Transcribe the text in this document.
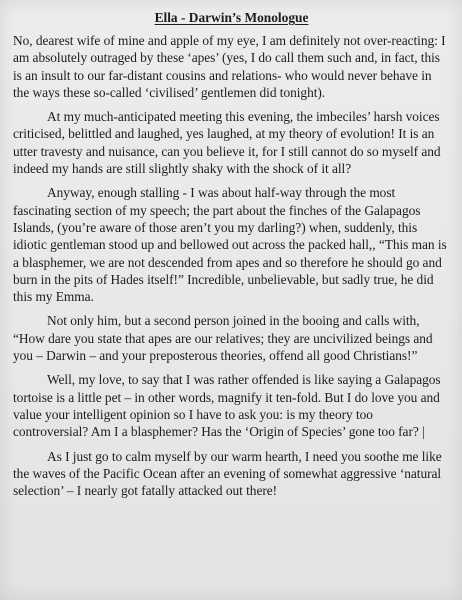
Ella - Darwin’s Monologue

No, dearest wife of mine and apple of my eye, I am definitely not over-reacting: I am absolutely outraged by these ‘apes’ (yes, I do call them such and, in fact, this is an insult to our far-distant cousins and relations- who would never behave in the ways these so-called ‘civilised’ gentlemen did tonight).

At my much-anticipated meeting this evening, the imbeciles’ harsh voices criticised, belittled and laughed, yes laughed, at my theory of evolution! It is an utter travesty and nuisance, can you believe it, for I still cannot do so myself and indeed my hands are still slightly shaky with the shock of it all?

Anyway, enough stalling - I was about half-way through the most fascinating section of my speech; the part about the finches of the Galapagos Islands, (you’re aware of those aren’t you my darling?) when, suddenly, this idiotic gentleman stood up and bellowed out across the packed hall,, “This man is a blasphemer, we are not descended from apes and so therefore he should go and burn in the pits of Hades itself!” Incredible, unbelievable, but sadly true, he did this my Emma.

Not only him, but a second person joined in the booing and calls with, “How dare you state that apes are our relatives; they are uncivilized beings and you – Darwin – and your preposterous theories, offend all good Christians!”

Well, my love, to say that I was rather offended is like saying a Galapagos tortoise is a little pet – in other words, magnify it ten-fold. But I do love you and value your intelligent opinion so I have to ask you: is my theory too controversial? Am I a blasphemer? Has the ‘Origin of Species’ gone too far? |

As I just go to calm myself by our warm hearth, I need you soothe me like the waves of the Pacific Ocean after an evening of somewhat aggressive ‘natural selection’ – I nearly got fatally attacked out there!
